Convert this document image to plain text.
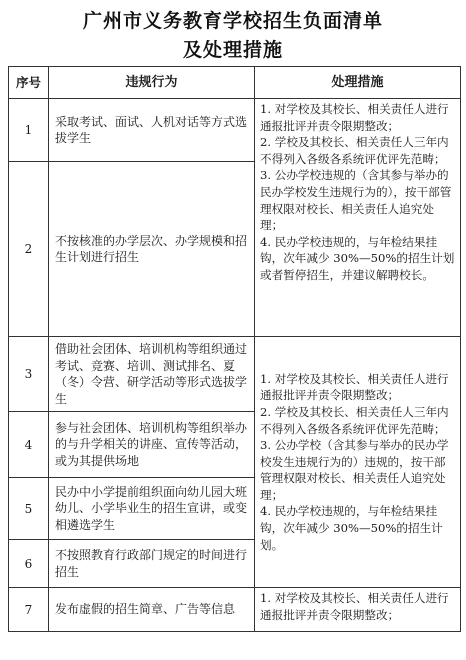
广州市义务教育学校招生负面清单
及处理措施
序号	违规行为	处理措施
1	采取考试、面试、人机对话等方式选拔学生	1. 对学校及其校长、相关责任人进行通报批评并责令限期整改；
2. 学校及其校长、相关责任人三年内不得列入各级各系统评优评先范畴；
3. 公办学校违规的（含其参与举办的民办学校发生违规行为的），按干部管理权限对校长、相关责任人追究处理；
4. 民办学校违规的，与年检结果挂钩，次年减少 30%—50%的招生计划或者暂停招生，并建议解聘校长。

2	不按核准的办学层次、办学规模和招生计划进行招生	
3	借助社会团体、培训机构等组织通过考试、竞赛、培训、测试排名、夏（冬）令营、研学活动等形式选拔学生	1. 对学校及其校长、相关责任人进行通报批评并责令限期整改；
2. 学校及其校长、相关责任人三年内不得列入各级各系统评优评先范畴；
3. 公办学校（含其参与举办的民办学校发生违规行为的）违规的，按干部管理权限对校长、相关责任人追究处理；
4. 民办学校违规的，与年检结果挂钩，次年减少 30%—50%的招生计划。

4	参与社会团体、培训机构等组织举办的与升学相关的讲座、宣传等活动，或为其提供场地	
5	民办中小学提前组织面向幼儿园大班幼儿、小学毕业生的招生宣讲，或变相遴选学生	
6	不按照教育行政部门规定的时间进行招生	
7	发布虚假的招生简章、广告等信息	1. 对学校及其校长、相关责任人进行通报批评并责令限期整改；
